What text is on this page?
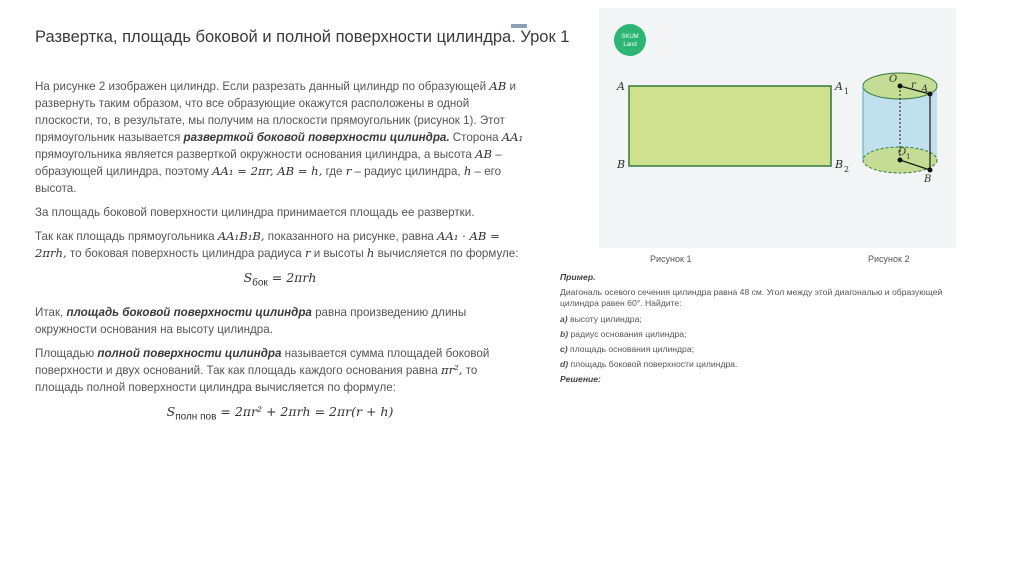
Развертка, площадь боковой и полной поверхности цилиндра. Урок 1

На рисунке 2 изображен цилиндр. Если разрезать данный цилиндр по образующей AB и развернуть таким образом, что все образующие окажутся расположены в одной плоскости, то, в результате, мы получим на плоскости прямоугольник (рисунок 1). Этот прямоугольник называется разверткой боковой поверхности цилиндра. Сторона AA₁ прямоугольника является разверткой окружности основания цилиндра, а высота AB – образующей цилиндра, поэтому AA₁ = 2πr, AB = h, где r – радиус цилиндра, h – его высота.

За площадь боковой поверхности цилиндра принимается площадь ее развертки.

Так как площадь прямоугольника AA₁B₁B, показанного на рисунке, равна AA₁ · AB = 2πrh, то боковая поверхность цилиндра радиуса r и высоты h вычисляется по формуле:

$S_{бок} = 2\pi rh$

Итак, площадь боковой поверхности цилиндра равна произведению длины окружности основания на высоту цилиндра.

Площадью полной поверхности цилиндра называется сумма площадей боковой поверхности и двух оснований. Так как площадь каждого основания равна πr², то площадь полной поверхности цилиндра вычисляется по формуле:

$S_{полн пов} = 2\pi r^2 + 2\pi rh = 2\pi r(r + h)$
SKUM
Land
A	A 1
B	B 2
O
r A
O 1
B
Рисунок 1	Рисунок 2
Пример.
Диагональ осевого сечения цилиндра равна 48 см. Угол между этой диагональю и образующей цилиндра равен 60°. Найдите:
a) высоту цилиндра;
b) радиус основания цилиндра;
c) площадь основания цилиндра;
d) площадь боковой поверхности цилиндра.
Решение:
